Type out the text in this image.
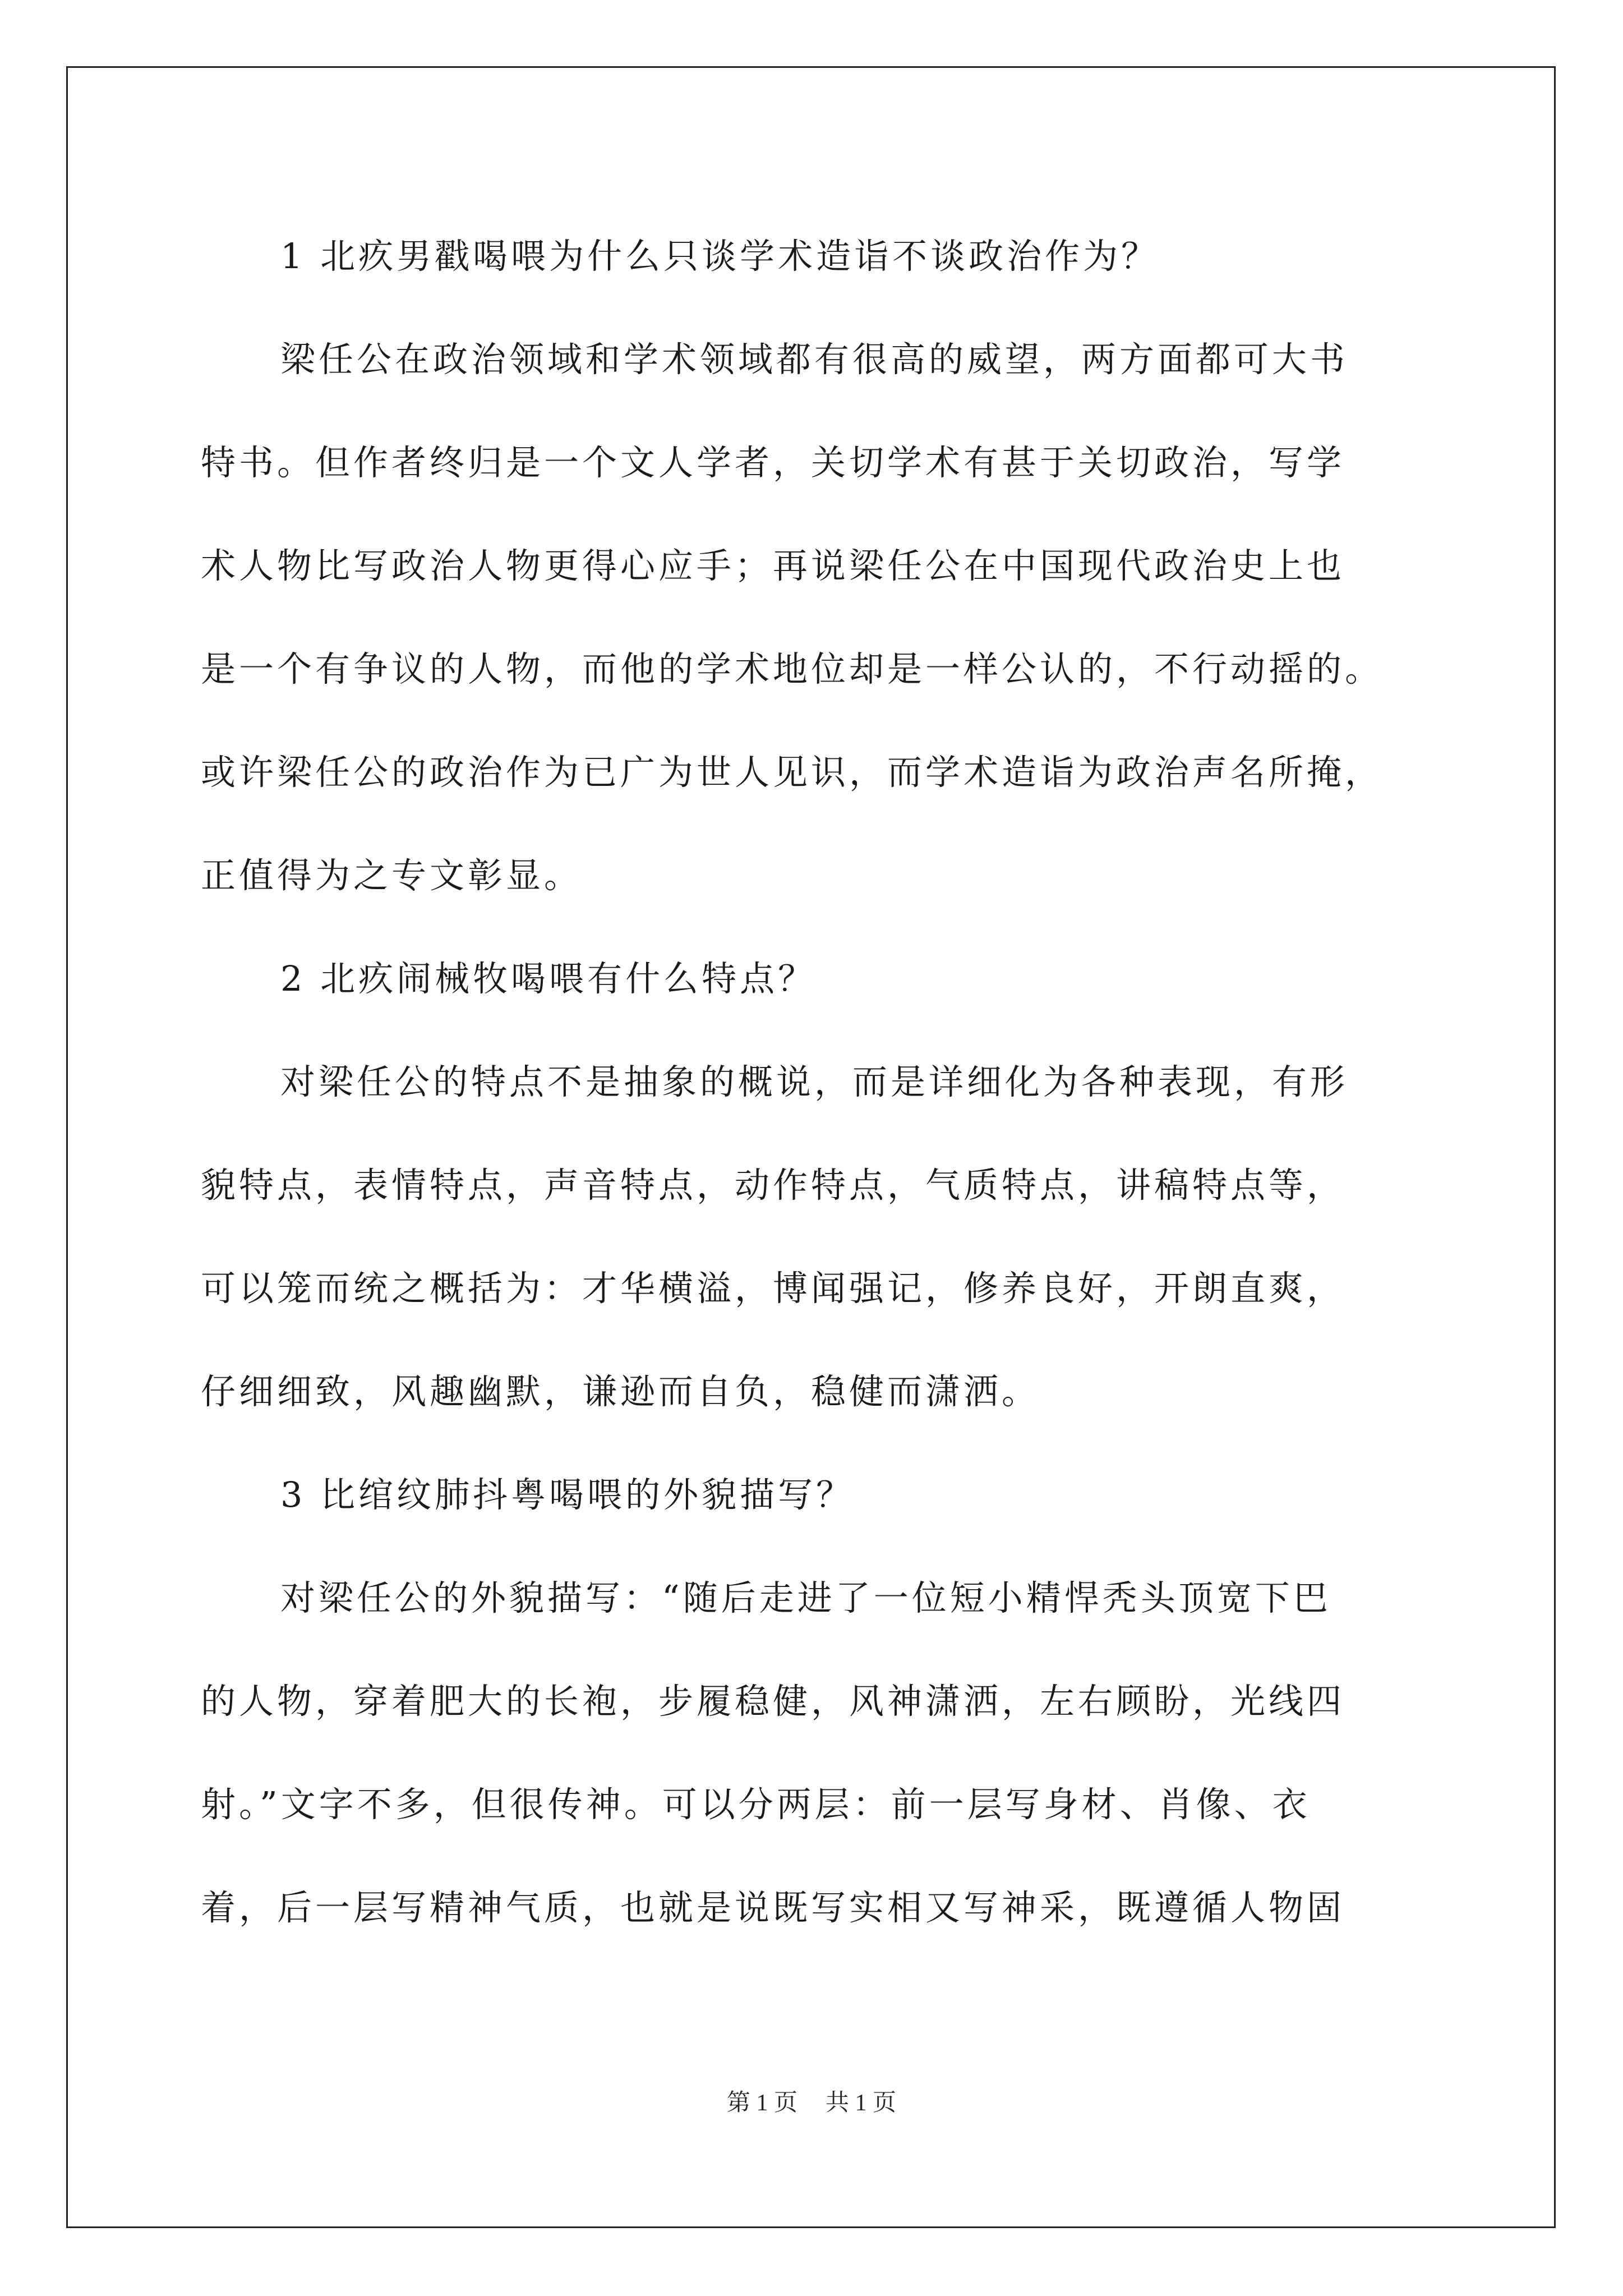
1 北疚男戳喝喂为什么只谈学术造诣不谈政治作为？
梁任公在政治领域和学术领域都有很高的威望，两方面都可大书
特书。但作者终归是一个文人学者，关切学术有甚于关切政治，写学
术人物比写政治人物更得心应手；再说梁任公在中国现代政治史上也
是一个有争议的人物，而他的学术地位却是一样公认的，不行动摇的。
或许梁任公的政治作为已广为世人见识，而学术造诣为政治声名所掩，
正值得为之专文彰显。
2 北疚闹械牧喝喂有什么特点？
对梁任公的特点不是抽象的概说，而是详细化为各种表现，有形
貌特点，表情特点，声音特点，动作特点，气质特点，讲稿特点等，
可以笼而统之概括为：才华横溢，博闻强记，修养良好，开朗直爽，
仔细细致，风趣幽默，谦逊而自负，稳健而潇洒。
3 比绾纹肺抖粤喝喂的外貌描写？
对梁任公的外貌描写：“随后走进了一位短小精悍秃头顶宽下巴
的人物，穿着肥大的长袍，步履稳健，风神潇洒，左右顾盼，光线四
射。”文字不多，但很传神。可以分两层：前一层写身材、肖像、衣
着，后一层写精神气质，也就是说既写实相又写神采，既遵循人物固
第 1 页 共 1 页
